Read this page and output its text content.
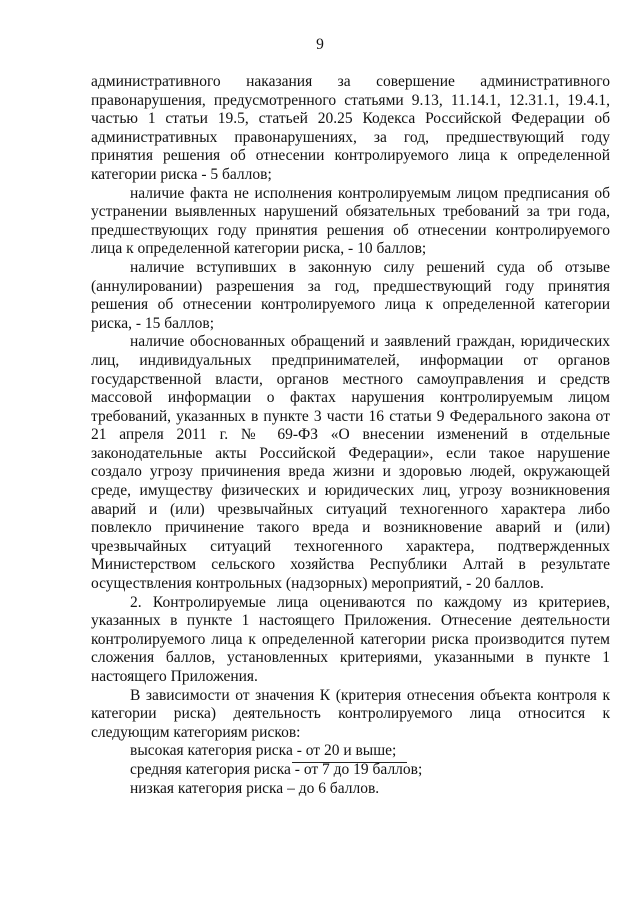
9

административного наказания за совершение административного правонарушения, предусмотренного статьями 9.13, 11.14.1, 12.31.1, 19.4.1, частью 1 статьи 19.5, статьей 20.25 Кодекса Российской Федерации об административных правонарушениях, за год, предшествующий году принятия решения об отнесении контролируемого лица к определенной категории риска - 5 баллов;

наличие факта не исполнения контролируемым лицом предписания об устранении выявленных нарушений обязательных требований за три года, предшествующих году принятия решения об отнесении контролируемого лица к определенной категории риска, - 10 баллов;

наличие вступивших в законную силу решений суда об отзыве (аннулировании) разрешения за год, предшествующий году принятия решения об отнесении контролируемого лица к определенной категории риска, - 15 баллов;

наличие обоснованных обращений и заявлений граждан, юридических лиц, индивидуальных предпринимателей, информации от органов государственной власти, органов местного самоуправления и средств массовой информации о фактах нарушения контролируемым лицом требований, указанных в пункте 3 части 16 статьи 9 Федерального закона от 21 апреля 2011 г. № 69-ФЗ «О внесении изменений в отдельные законодательные акты Российской Федерации», если такое нарушение создало угрозу причинения вреда жизни и здоровью людей, окружающей среде, имуществу физических и юридических лиц, угрозу возникновения аварий и (или) чрезвычайных ситуаций техногенного характера либо повлекло причинение такого вреда и возникновение аварий и (или) чрезвычайных ситуаций техногенного характера, подтвержденных Министерством сельского хозяйства Республики Алтай в результате осуществления контрольных (надзорных) мероприятий, - 20 баллов.

2. Контролируемые лица оцениваются по каждому из критериев, указанных в пункте 1 настоящего Приложения. Отнесение деятельности контролируемого лица к определенной категории риска производится путем сложения баллов, установленных критериями, указанными в пункте 1 настоящего Приложения.

В зависимости от значения К (критерия отнесения объекта контроля к категории риска) деятельность контролируемого лица относится к следующим категориям рисков:

высокая категория риска - от 20 и выше;

средняя категория риска - от 7 до 19 баллов;

низкая категория риска – до 6 баллов.
